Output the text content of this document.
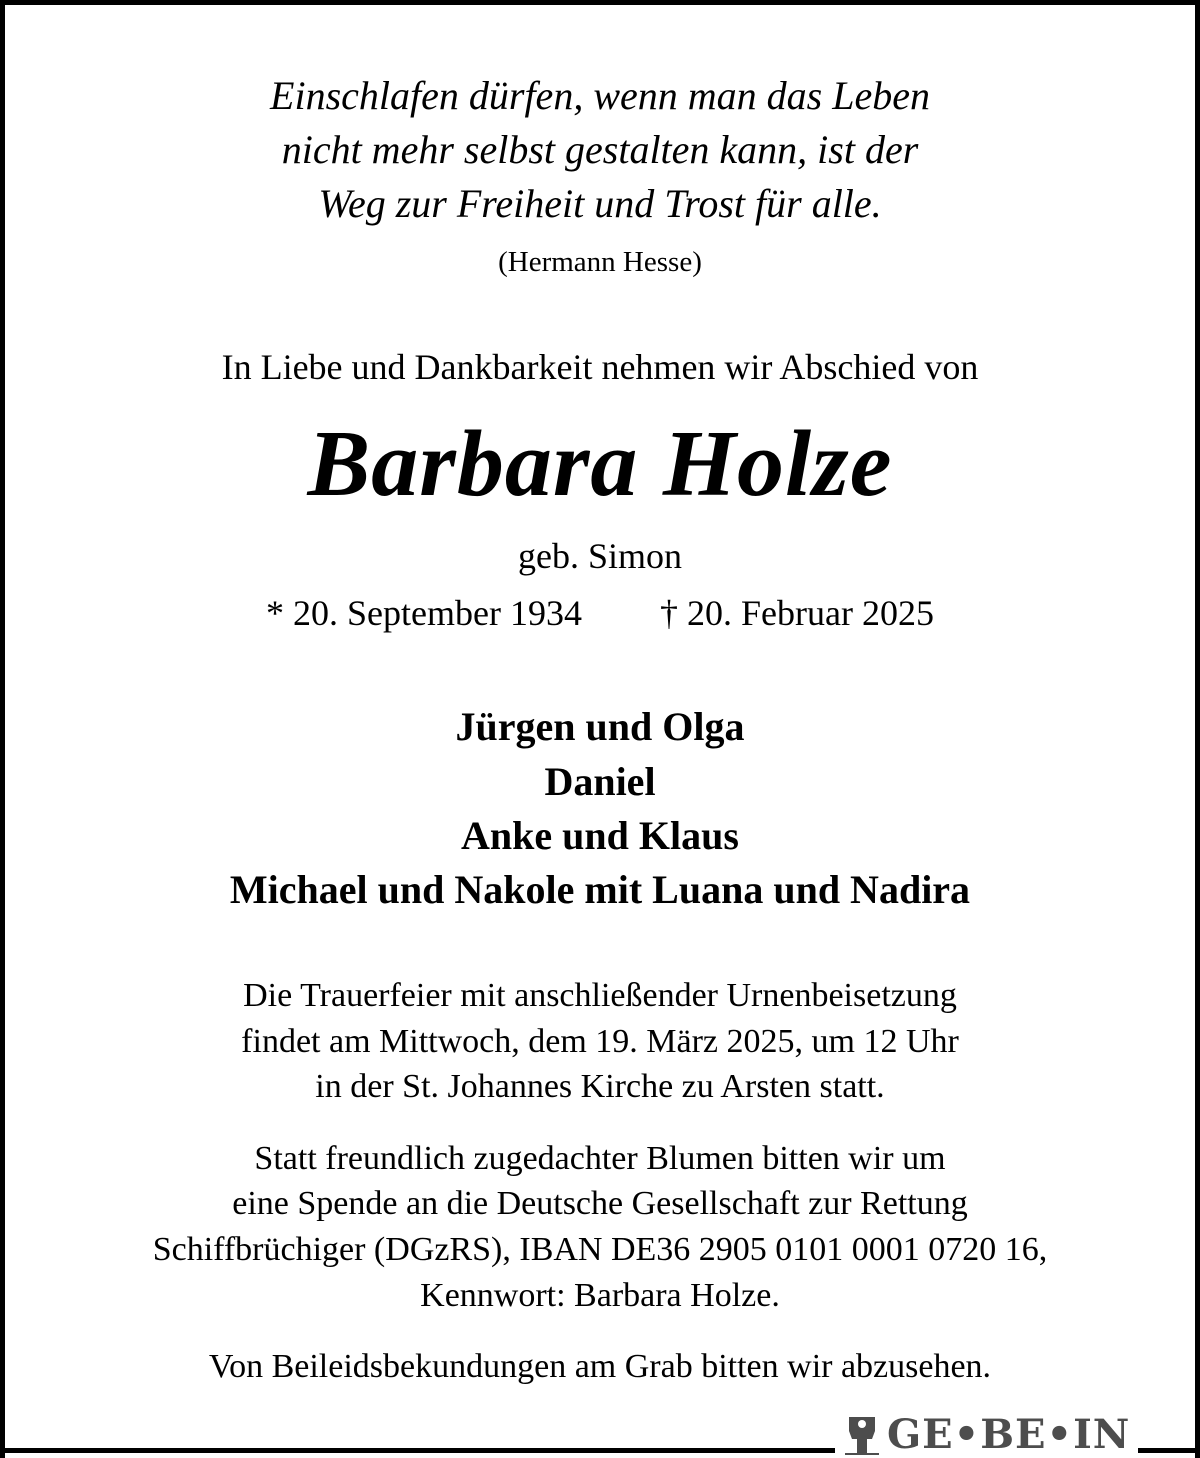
Einschlafen dürfen, wenn man das Leben
nicht mehr selbst gestalten kann, ist der
Weg zur Freiheit und Trost für alle.
(Hermann Hesse)
In Liebe und Dankbarkeit nehmen wir Abschied von
Barbara Holze
geb. Simon
* 20. September 1934 † 20. Februar 2025
Jürgen und Olga
Daniel
Anke und Klaus
Michael und Nakole mit Luana und Nadira
Die Trauerfeier mit anschließender Urnenbeisetzung
findet am Mittwoch, dem 19. März 2025, um 12 Uhr
in der St. Johannes Kirche zu Arsten statt.
Statt freundlich zugedachter Blumen bitten wir um
eine Spende an die Deutsche Gesellschaft zur Rettung
Schiffbrüchiger (DGzRS), IBAN DE36 2905 0101 0001 0720 16,
Kennwort: Barbara Holze.
Von Beileidsbekundungen am Grab bitten wir abzusehen.
GE•BE•IN
